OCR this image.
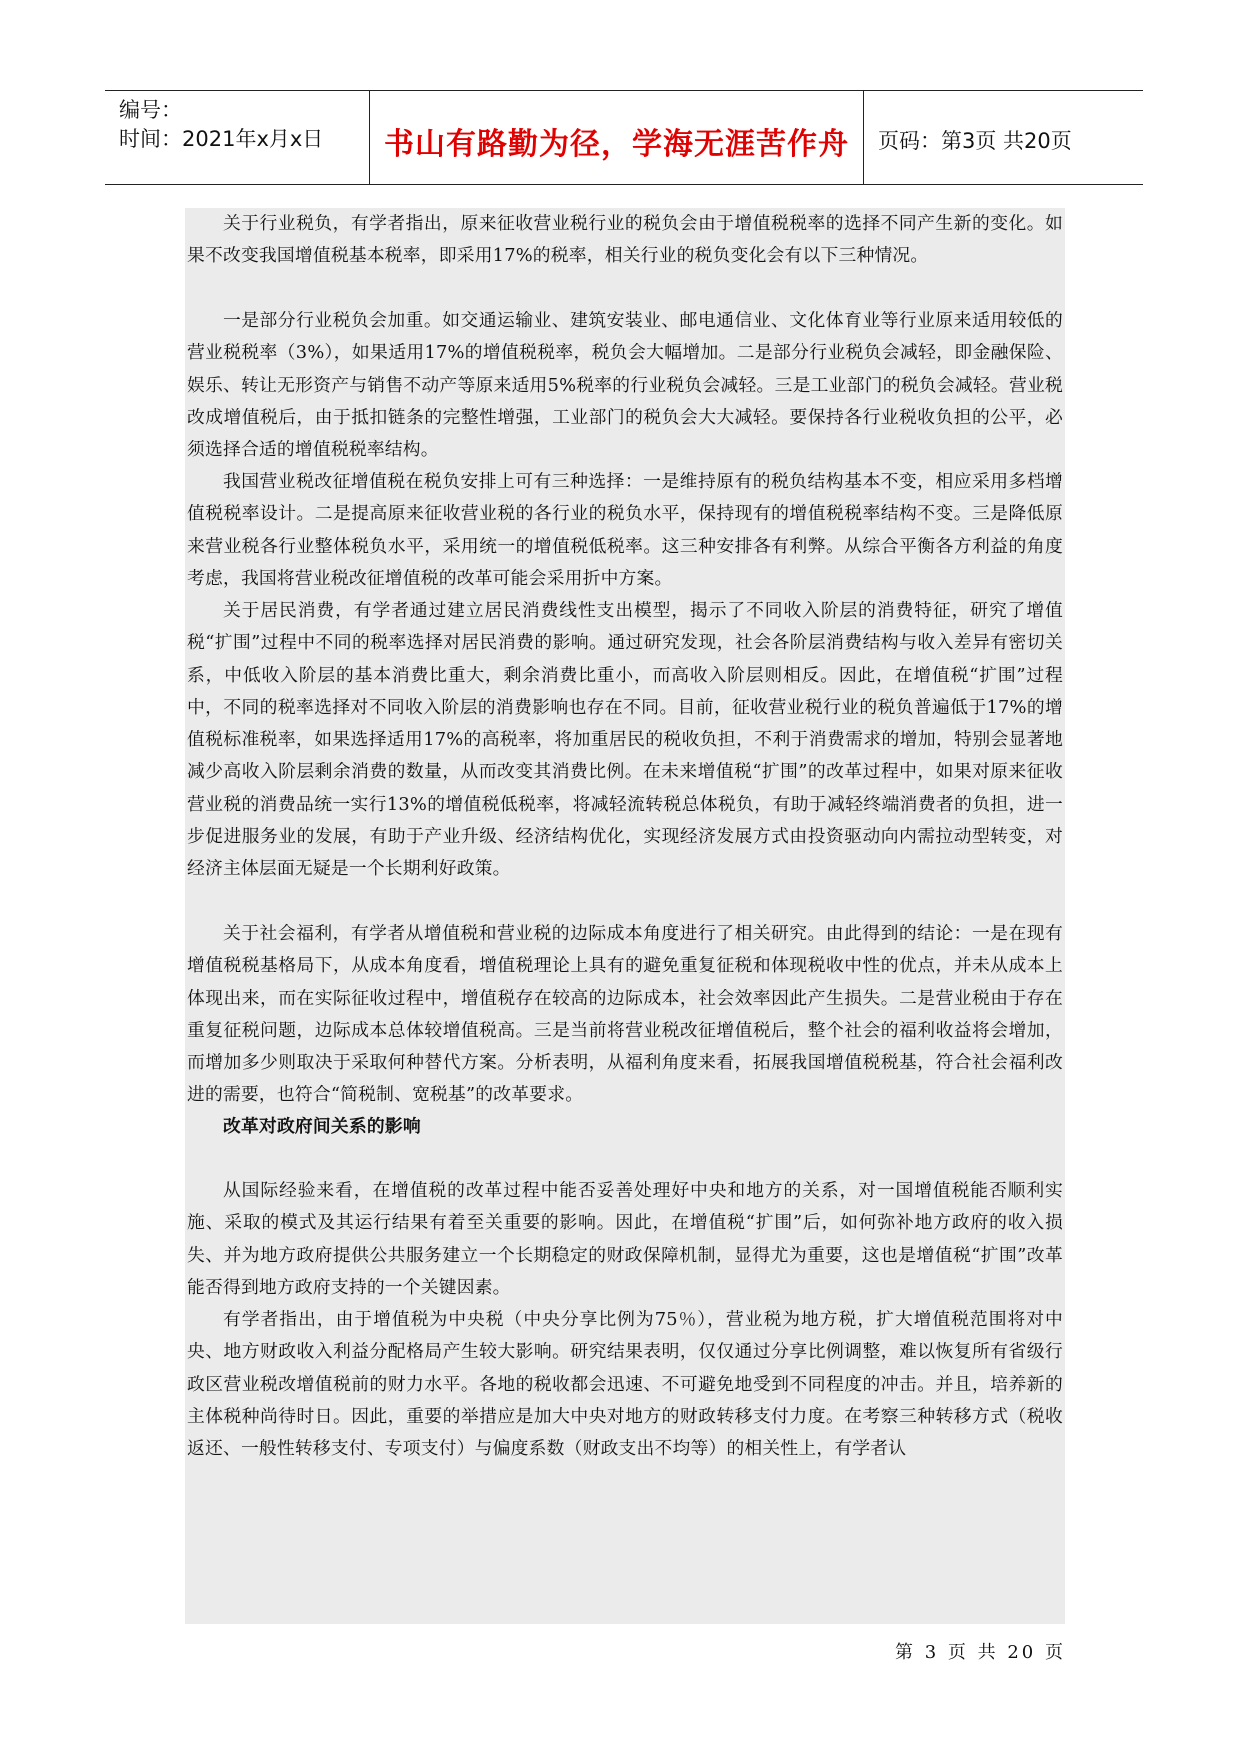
编号：
时间：2021年x月x日	书山有路勤为径，学海无涯苦作舟	页码：第3页 共20页

关于行业税负，有学者指出，原来征收营业税行业的税负会由于增值税税率的选择不同产生新的变化。如果不改变我国增值税基本税率，即采用17%的税率，相关行业的税负变化会有以下三种情况。

一是部分行业税负会加重。如交通运输业、建筑安装业、邮电通信业、文化体育业等行业原来适用较低的营业税税率（3%），如果适用17%的增值税税率，税负会大幅增加。二是部分行业税负会减轻，即金融保险、娱乐、转让无形资产与销售不动产等原来适用5%税率的行业税负会减轻。三是工业部门的税负会减轻。营业税改成增值税后，由于抵扣链条的完整性增强，工业部门的税负会大大减轻。要保持各行业税收负担的公平，必须选择合适的增值税税率结构。

我国营业税改征增值税在税负安排上可有三种选择：一是维持原有的税负结构基本不变，相应采用多档增值税税率设计。二是提高原来征收营业税的各行业的税负水平，保持现有的增值税税率结构不变。三是降低原来营业税各行业整体税负水平，采用统一的增值税低税率。这三种安排各有利弊。从综合平衡各方利益的角度考虑，我国将营业税改征增值税的改革可能会采用折中方案。

关于居民消费，有学者通过建立居民消费线性支出模型，揭示了不同收入阶层的消费特征，研究了增值税“扩围”过程中不同的税率选择对居民消费的影响。通过研究发现，社会各阶层消费结构与收入差异有密切关系，中低收入阶层的基本消费比重大，剩余消费比重小，而高收入阶层则相反。因此，在增值税“扩围”过程中，不同的税率选择对不同收入阶层的消费影响也存在不同。目前，征收营业税行业的税负普遍低于17%的增值税标准税率，如果选择适用17%的高税率，将加重居民的税收负担，不利于消费需求的增加，特别会显著地减少高收入阶层剩余消费的数量，从而改变其消费比例。在未来增值税“扩围”的改革过程中，如果对原来征收营业税的消费品统一实行13%的增值税低税率，将减轻流转税总体税负，有助于减轻终端消费者的负担，进一步促进服务业的发展，有助于产业升级、经济结构优化，实现经济发展方式由投资驱动向内需拉动型转变，对经济主体层面无疑是一个长期利好政策。

关于社会福利，有学者从增值税和营业税的边际成本角度进行了相关研究。由此得到的结论：一是在现有增值税税基格局下，从成本角度看，增值税理论上具有的避免重复征税和体现税收中性的优点，并未从成本上体现出来，而在实际征收过程中，增值税存在较高的边际成本，社会效率因此产生损失。二是营业税由于存在重复征税问题，边际成本总体较增值税高。三是当前将营业税改征增值税后，整个社会的福利收益将会增加，而增加多少则取决于采取何种替代方案。分析表明，从福利角度来看，拓展我国增值税税基，符合社会福利改进的需要，也符合“简税制、宽税基”的改革要求。

改革对政府间关系的影响

从国际经验来看，在增值税的改革过程中能否妥善处理好中央和地方的关系，对一国增值税能否顺利实施、采取的模式及其运行结果有着至关重要的影响。因此，在增值税“扩围”后，如何弥补地方政府的收入损失、并为地方政府提供公共服务建立一个长期稳定的财政保障机制，显得尤为重要，这也是增值税“扩围”改革能否得到地方政府支持的一个关键因素。

有学者指出，由于增值税为中央税（中央分享比例为75％），营业税为地方税，扩大增值税范围将对中央、地方财政收入利益分配格局产生较大影响。研究结果表明，仅仅通过分享比例调整，难以恢复所有省级行政区营业税改增值税前的财力水平。各地的税收都会迅速、不可避免地受到不同程度的冲击。并且，培养新的主体税种尚待时日。因此，重要的举措应是加大中央对地方的财政转移支付力度。在考察三种转移方式（税收返还、一般性转移支付、专项支付）与偏度系数（财政支出不均等）的相关性上，有学者认

第 3 页 共 20 页
